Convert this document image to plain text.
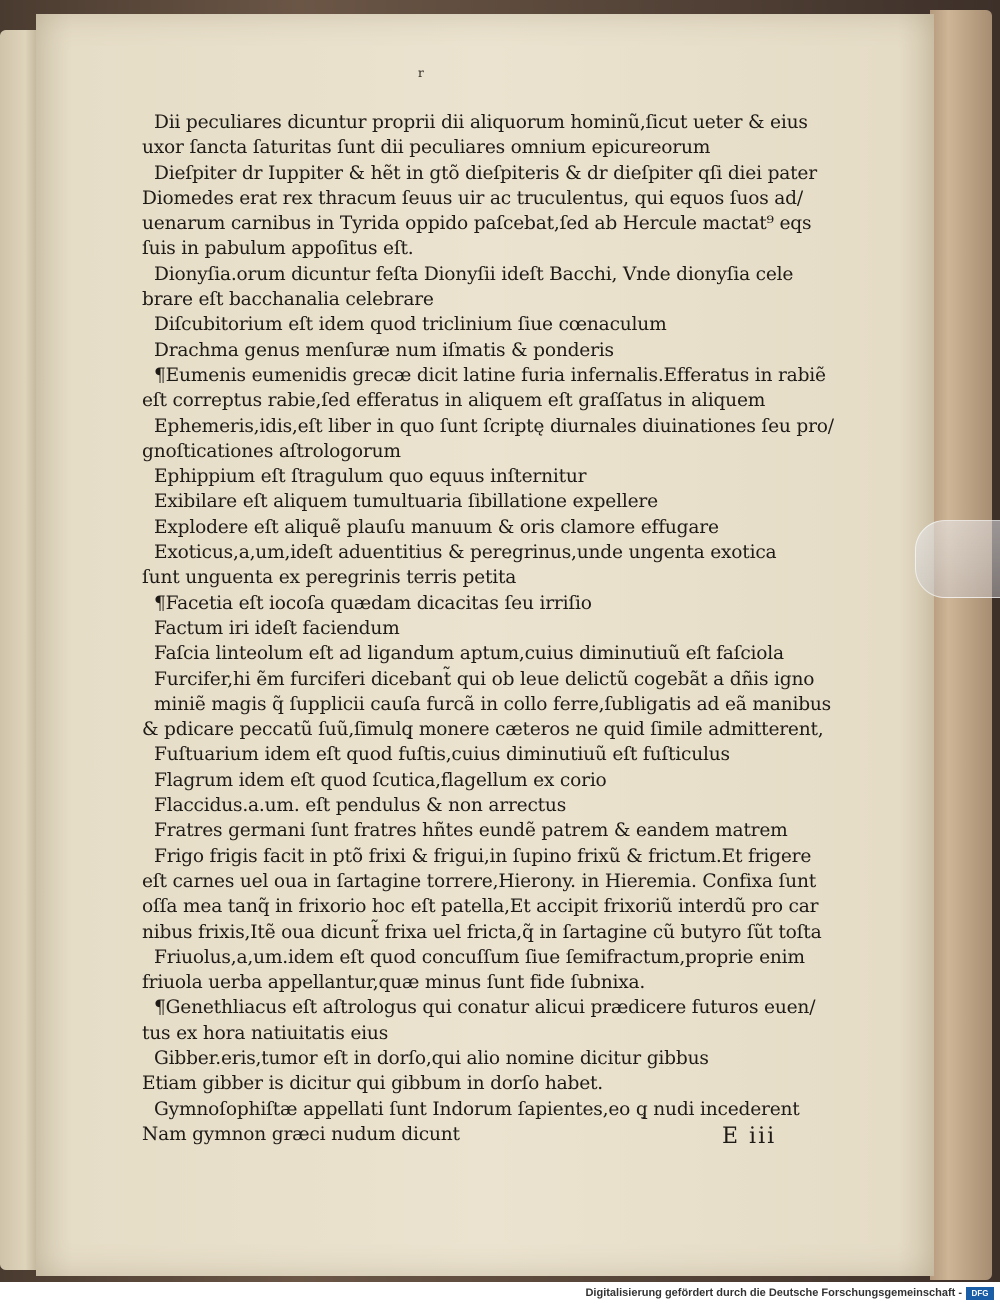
r
Dii peculiares dicuntur proprii dii aliquorum hominũ,ſicut ueter & eius
uxor ſancta ſaturitas ſunt dii peculiares omnium epicureorum
Dieſpiter dr Iuppiter & hẽt in gtõ dieſpiteris & dr dieſpiter qſi diei pater
Diomedes erat rex thracum ſeuus uir ac truculentus, qui equos ſuos ad/
uenarum carnibus in Tyrida oppido paſcebat,ſed ab Hercule mactat⁹ eqs
ſuis in pabulum appoſitus eſt.
Dionyſia.orum dicuntur feſta Dionyſii ideſt Bacchi, Vnde dionyſia cele
brare eſt bacchanalia celebrare
Diſcubitorium eſt idem quod triclinium ſiue cœnaculum
Drachma genus menſuræ num iſmatis & ponderis
¶Eumenis eumenidis grecæ dicit latine furia infernalis.Efferatus in rabiẽ
eſt correptus rabie,ſed efferatus in aliquem eſt graſſatus in aliquem
Ephemeris,idis,eſt liber in quo ſunt ſcriptę diurnales diuinationes ſeu pro/
gnoſticationes aſtrologorum
Ephippium eſt ſtragulum quo equus inſternitur
Exibilare eſt aliquem tumultuaria ſibillatione expellere
Explodere eſt aliquẽ plauſu manuum & oris clamore effugare
Exoticus,a,um,ideſt aduentitius & peregrinus,unde ungenta exotica
ſunt unguenta ex peregrinis terris petita
¶Facetia eſt iocoſa quædam dicacitas ſeu irriſio
Factum iri ideſt faciendum
Faſcia linteolum eſt ad ligandum aptum,cuius diminutiuũ eſt faſciola
Furcifer,hi ẽm furciferi dicebant̃ qui ob leue delictũ cogebãt a dñis igno
miniẽ magis q̃ ſupplicii cauſa furcã in collo ferre,ſubligatis ad eã manibus
& pdicare peccatũ ſuũ,ſimulq̧ monere cæteros ne quid ſimile admitterent,
Fuſtuarium idem eſt quod fuſtis,cuius diminutiuũ eſt fuſticulus
Flagrum idem eſt quod ſcutica,flagellum ex corio
Flaccidus.a.um. eſt pendulus & non arrectus
Fratres germani ſunt fratres hñtes eundẽ patrem & eandem matrem
Frigo frigis facit in ptõ frixi & frigui,in ſupino frixũ & frictum.Et frigere
eſt carnes uel oua in ſartagine torrere,Hierony. in Hieremia. Confixa ſunt
oſſa mea tanq̃ in frixorio hoc eſt patella,Et accipit frixoriũ interdũ pro car
nibus frixis,Itẽ oua dicunt̃ frixa uel fricta,q̃ in ſartagine cũ butyro ſũt toſta
Friuolus,a,um.idem eſt quod concuſſum ſiue ſemifractum,proprie enim
friuola uerba appellantur,quæ minus ſunt fide ſubnixa.
¶Genethliacus eſt aſtrologus qui conatur alicui prædicere futuros euen/
tus ex hora natiuitatis eius
Gibber.eris,tumor eſt in dorſo,qui alio nomine dicitur gibbus
Etiam gibber is dicitur qui gibbum in dorſo habet.
Gymnoſophiſtæ appellati ſunt Indorum ſapientes,eo q̧ nudi incederent
Nam gymnon græci nudum dicunt	E iii
Digitalisierung gefördert durch die Deutsche Forschungsgemeinschaft -	DFG
